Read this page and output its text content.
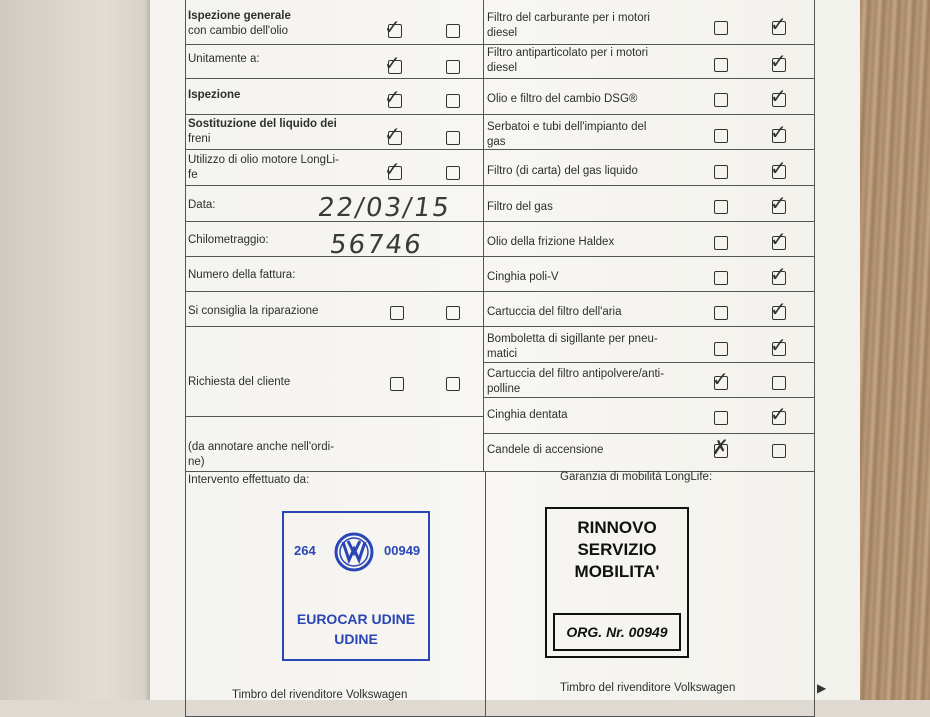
Ispezione generale
con cambio dell'olio
Unitamente a:
Ispezione
Sostituzione del liquido dei
freni
Utilizzo di olio motore LongLi-
fe
Data:
Chilometraggio:
Numero della fattura:
Si consiglia la riparazione
Richiesta del cliente
(da annotare anche nell'ordi-
ne)
Intervento effettuato da:
22/03/15
56746
✓
✓
✓
✓
✓
Filtro del carburante per i motori
diesel
Filtro antiparticolato per i motori
diesel
Olio e filtro del cambio DSG®
Serbatoi e tubi dell'impianto del
gas
Filtro (di carta) del gas liquido
Filtro del gas
Olio della frizione Haldex
Cinghia poli-V
Cartuccia del filtro dell'aria
Bomboletta di sigillante per pneu-
matici
Cartuccia del filtro antipolvere/anti-
polline
Cinghia dentata
Candele di accensione
✓
✓
✓
✓
✓
✓
✓
✓
✓
✓
✓
✓
✗
Garanzia di mobilità LongLife:
Timbro del rivenditore Volkswagen
Timbro del rivenditore Volkswagen
264	00949
EUROCAR UDINE
UDINE
RINNOVO
SERVIZIO
MOBILITA'
ORG. Nr. 00949
▶
